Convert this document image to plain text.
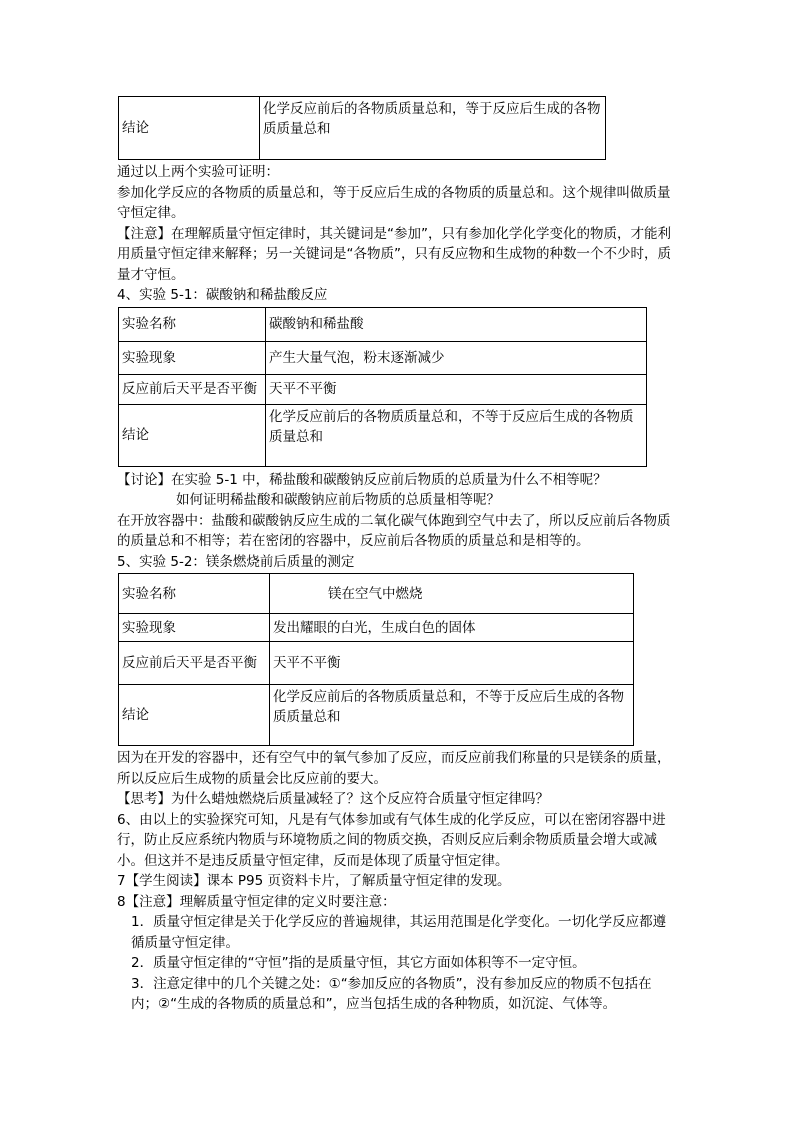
结论	化学反应前后的各物质质量总和，等于反应后生成的各物质质量总和

通过以上两个实验可证明：

参加化学反应的各物质的质量总和，等于反应后生成的各物质的质量总和。这个规律叫做质量守恒定律。

【注意】在理解质量守恒定律时，其关键词是“参加”，只有参加化学化学变化的物质，才能利用质量守恒定律来解释；另一关键词是“各物质”，只有反应物和生成物的种数一个不少时，质量才守恒。

4、实验 5-1：碳酸钠和稀盐酸反应

实验名称	碳酸钠和稀盐酸
实验现象	产生大量气泡，粉末逐渐减少
反应前后天平是否平衡	天平不平衡
结论	化学反应前后的各物质质量总和，不等于反应后生成的各物质质量总和

【讨论】在实验 5-1 中，稀盐酸和碳酸钠反应前后物质的总质量为什么不相等呢？

如何证明稀盐酸和碳酸钠应前后物质的总质量相等呢？

在开放容器中：盐酸和碳酸钠反应生成的二氧化碳气体跑到空气中去了，所以反应前后各物质的质量总和不相等；若在密闭的容器中，反应前后各物质的质量总和是相等的。

5、实验 5-2：镁条燃烧前后质量的测定

实验名称	镁在空气中燃烧
实验现象	发出耀眼的白光，生成白色的固体
反应前后天平是否平衡	天平不平衡
结论	化学反应前后的各物质质量总和，不等于反应后生成的各物质质量总和

因为在开发的容器中，还有空气中的氧气参加了反应，而反应前我们称量的只是镁条的质量，所以反应后生成物的质量会比反应前的要大。

【思考】为什么蜡烛燃烧后质量减轻了？这个反应符合质量守恒定律吗？

6、由以上的实验探究可知，凡是有气体参加或有气体生成的化学反应，可以在密闭容器中进行，防止反应系统内物质与环境物质之间的物质交换，否则反应后剩余物质质量会增大或减小。但这并不是违反质量守恒定律，反而是体现了质量守恒定律。

7【学生阅读】课本 P95 页资料卡片，了解质量守恒定律的发现。

8【注意】理解质量守恒定律的定义时要注意：

1．质量守恒定律是关于化学反应的普遍规律，其运用范围是化学变化。一切化学反应都遵循质量守恒定律。

2．质量守恒定律的“守恒”指的是质量守恒，其它方面如体积等不一定守恒。

3．注意定律中的几个关键之处：①“参加反应的各物质”，没有参加反应的物质不包括在内；②“生成的各物质的质量总和”，应当包括生成的各种物质，如沉淀、气体等。
